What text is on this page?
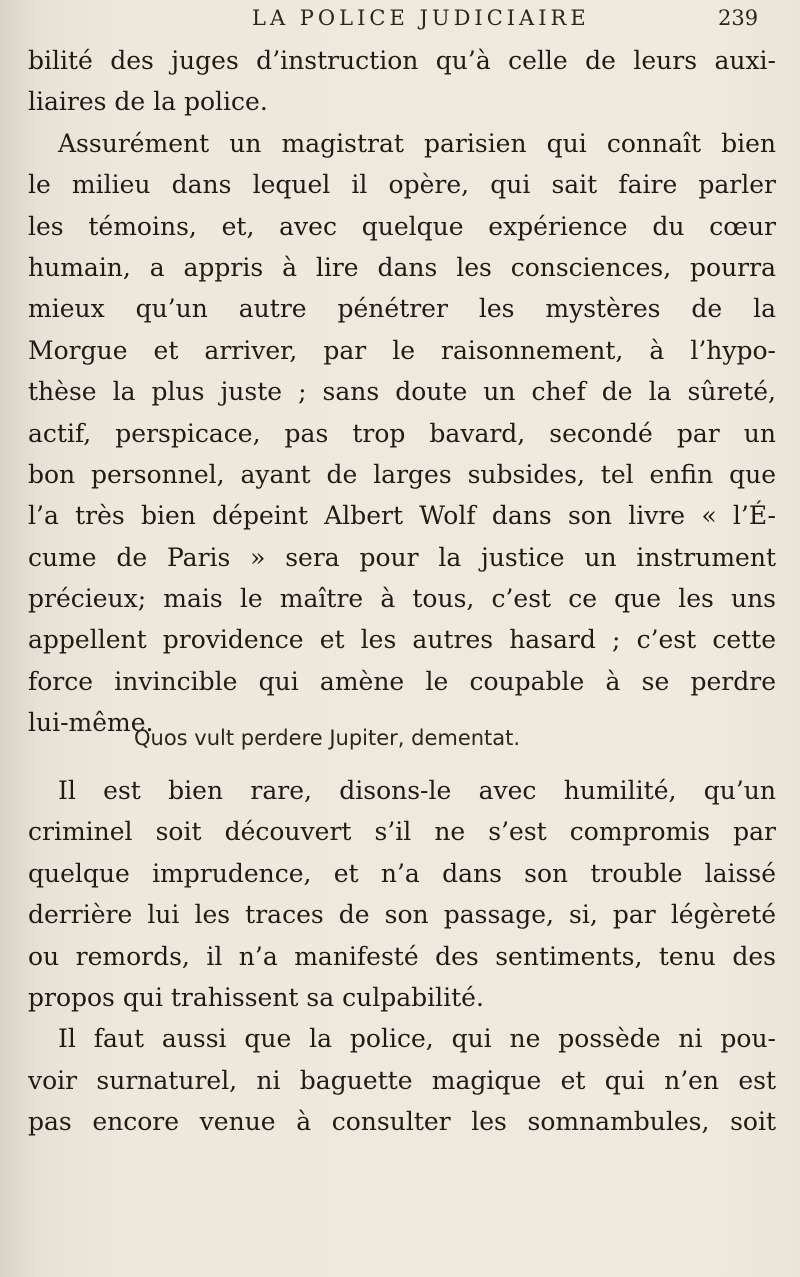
LA POLICE JUDICIAIRE	239
bilité des juges d’instruction qu’à celle de leurs auxi-
liaires de la police.
Assurément un magistrat parisien qui connaît bien
le milieu dans lequel il opère, qui sait faire parler
les témoins, et, avec quelque expérience du cœur
humain, a appris à lire dans les consciences, pourra
mieux qu’un autre pénétrer les mystères de la
Morgue et arriver, par le raisonnement, à l’hypo-
thèse la plus juste ; sans doute un chef de la sûreté,
actif, perspicace, pas trop bavard, secondé par un
bon personnel, ayant de larges subsides, tel enfin que
l’a très bien dépeint Albert Wolf dans son livre « l’É-
cume de Paris » sera pour la justice un instrument
précieux; mais le maître à tous, c’est ce que les uns
appellent providence et les autres hasard ; c’est cette
force invincible qui amène le coupable à se perdre
lui-même.
Quos vult perdere Jupiter, dementat.
Il est bien rare, disons-le avec humilité, qu’un
criminel soit découvert s’il ne s’est compromis par
quelque imprudence, et n’a dans son trouble laissé
derrière lui les traces de son passage, si, par légèreté
ou remords, il n’a manifesté des sentiments, tenu des
propos qui trahissent sa culpabilité.
Il faut aussi que la police, qui ne possède ni pou-
voir surnaturel, ni baguette magique et qui n’en est
pas encore venue à consulter les somnambules, soit
